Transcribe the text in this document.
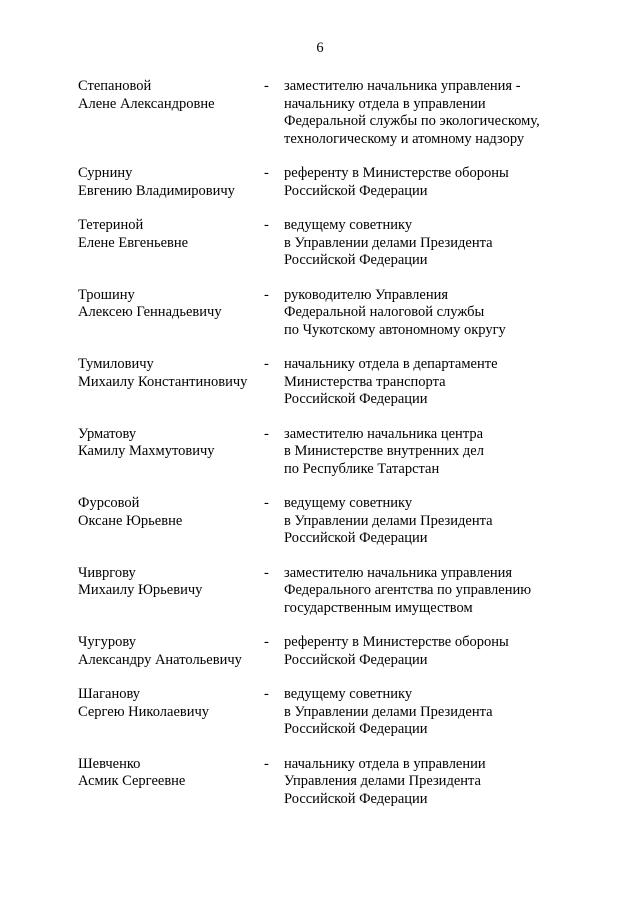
6
Степановой
Алене Александровне
-	заместителю начальника управления -
начальнику отдела в управлении
Федеральной службы по экологическому,
технологическому и атомному надзору
Сурнину
Евгению Владимировичу
-	референту в Министерстве обороны
Российской Федерации
Тетериной
Елене Евгеньевне
-	ведущему советнику
в Управлении делами Президента
Российской Федерации
Трошину
Алексею Геннадьевичу
-	руководителю Управления
Федеральной налоговой службы
по Чукотскому автономному округу
Тумиловичу
Михаилу Константиновичу
-	начальнику отдела в департаменте
Министерства транспорта
Российской Федерации
Урматову
Камилу Махмутовичу
-	заместителю начальника центра
в Министерстве внутренних дел
по Республике Татарстан
Фурсовой
Оксане Юрьевне
-	ведущему советнику
в Управлении делами Президента
Российской Федерации
Чивргову
Михаилу Юрьевичу
-	заместителю начальника управления
Федерального агентства по управлению
государственным имуществом
Чугурову
Александру Анатольевичу
-	референту в Министерстве обороны
Российской Федерации
Шаганову
Сергею Николаевичу
-	ведущему советнику
в Управлении делами Президента
Российской Федерации
Шевченко
Асмик Сергеевне
-	начальнику отдела в управлении
Управления делами Президента
Российской Федерации
